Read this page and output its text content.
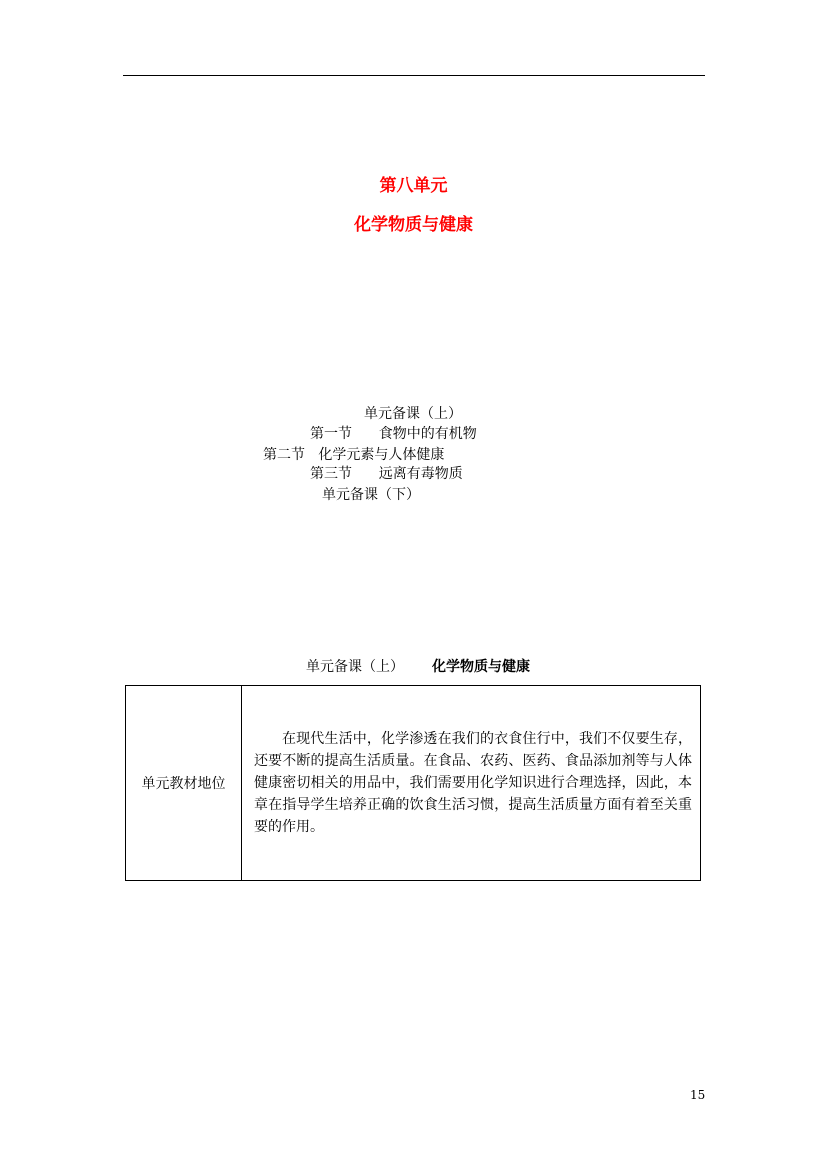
第八单元
化学物质与健康
单元备课（上）
第一节      食物中的有机物
第二节   化学元素与人体健康
第三节      远离有毒物质
单元备课（下）
单元备课（上） 化学物质与健康
单元教材地位	

在现代生活中，化学渗透在我们的衣食住行中，我们不仅要生存，还要不断的提高生活质量。在食品、农药、医药、食品添加剂等与人体健康密切相关的用品中，我们需要用化学知识进行合理选择，因此，本章在指导学生培养正确的饮食生活习惯，提高生活质量方面有着至关重要的作用。

15
